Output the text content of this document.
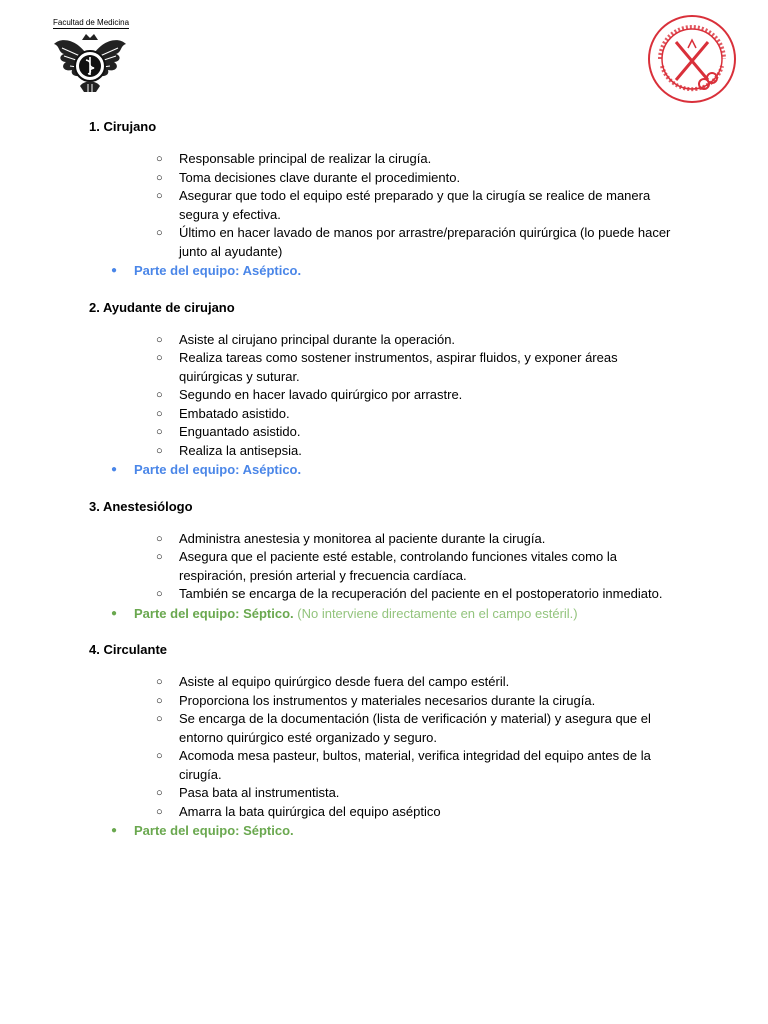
Facultad de Medicina

1. Cirujano

○ Responsable principal de realizar la cirugía.
○ Toma decisiones clave durante el procedimiento.
○ Asegurar que todo el equipo esté preparado y que la cirugía se realice de manera segura y efectiva.
○ Último en hacer lavado de manos por arrastre/preparación quirúrgica (lo puede hacer junto al ayudante)
● Parte del equipo: Aséptico.

2. Ayudante de cirujano

○ Asiste al cirujano principal durante la operación.
○ Realiza tareas como sostener instrumentos, aspirar fluidos, y exponer áreas quirúrgicas y suturar.
○ Segundo en hacer lavado quirúrgico por arrastre.
○ Embatado asistido.
○ Enguantado asistido.
○ Realiza la antisepsia.
● Parte del equipo: Aséptico.

3. Anestesiólogo

○ Administra anestesia y monitorea al paciente durante la cirugía.
○ Asegura que el paciente esté estable, controlando funciones vitales como la respiración, presión arterial y frecuencia cardíaca.
○ También se encarga de la recuperación del paciente en el postoperatorio inmediato.
● Parte del equipo: Séptico. (No interviene directamente en el campo estéril.)

4. Circulante

○ Asiste al equipo quirúrgico desde fuera del campo estéril.
○ Proporciona los instrumentos y materiales necesarios durante la cirugía.
○ Se encarga de la documentación (lista de verificación y material) y asegura que el entorno quirúrgico esté organizado y seguro.
○ Acomoda mesa pasteur, bultos, material, verifica integridad del equipo antes de la cirugía.
○ Pasa bata al instrumentista.
○ Amarra la bata quirúrgica del equipo aséptico
● Parte del equipo: Séptico.
